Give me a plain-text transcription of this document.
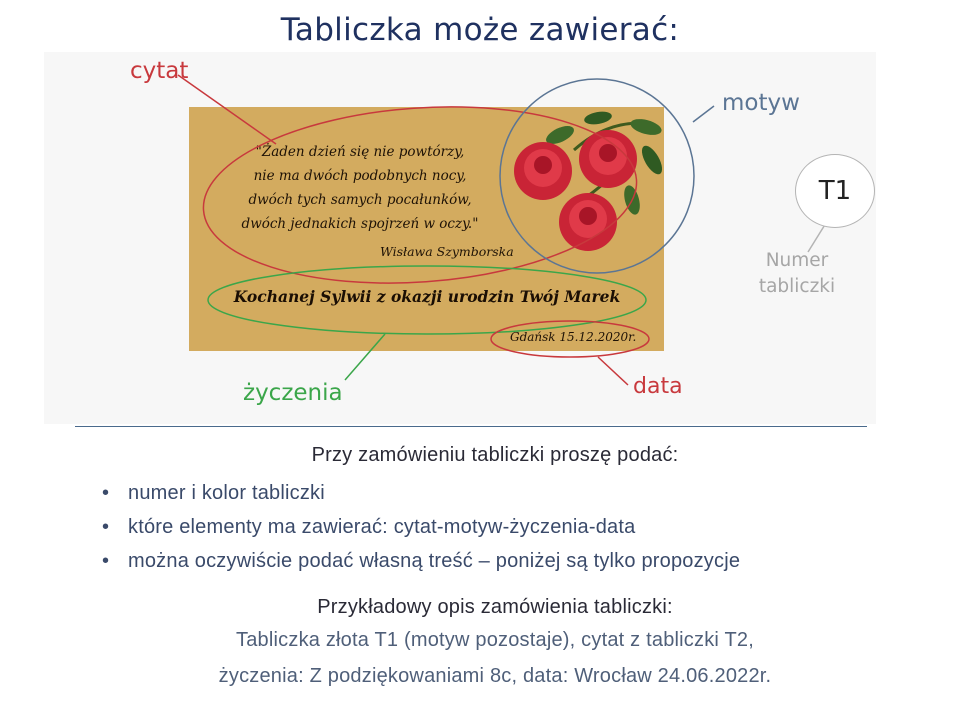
Tabliczka może zawierać:
"Żaden dzień się nie powtórzy,
nie ma dwóch podobnych nocy,
dwóch tych samych pocałunków,
dwóch jednakich spojrzeń w oczy."
Wisława Szymborska
Kochanej Sylwii z okazji urodzin Twój Marek
Gdańsk 15.12.2020r.
cytat
motyw
życzenia	data
T1
Numer
tabliczki
Przy zamówieniu tabliczki proszę podać:
• numer i kolor tabliczki
• które elementy ma zawierać: cytat-motyw-życzenia-data
• można oczywiście podać własną treść – poniżej są tylko propozycje
Przykładowy opis zamówienia tabliczki:
Tabliczka złota T1 (motyw pozostaje), cytat z tabliczki T2,
życzenia: Z podziękowaniami 8c, data: Wrocław 24.06.2022r.
